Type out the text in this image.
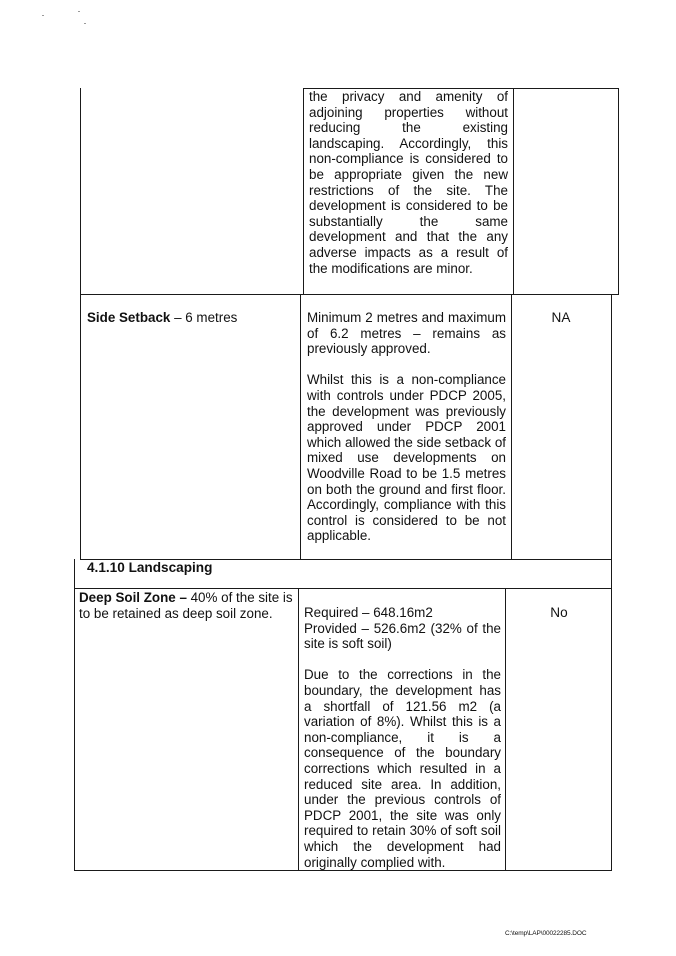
the privacy and amenity of adjoining properties without reducing the existing landscaping. Accordingly, this non-compliance is considered to be appropriate given the new restrictions of the site. The development is considered to be substantially the same development and that the any adverse impacts as a result of the modifications are minor.

Side Setback – 6 metres	Minimum 2 metres and maximum of 6.2 metres – remains as previously approved.

Whilst this is a non-compliance with controls under PDCP 2005, the development was previously approved under PDCP 2001 which allowed the side setback of mixed use developments on Woodville Road to be 1.5 metres on both the ground and first floor. Accordingly, compliance with this control is considered to be not applicable.

NA
4.1.10 Landscaping
Deep Soil Zone – 40% of the site is to be retained as deep soil zone.	Required – 648.16m2
Provided – 526.6m2 (32% of the site is soft soil)

Due to the corrections in the boundary, the development has a shortfall of 121.56 m2 (a variation of 8%). Whilst this is a non-compliance, it is a consequence of the boundary corrections which resulted in a reduced site area. In addition, under the previous controls of PDCP 2001, the site was only required to retain 30% of soft soil which the development had originally complied with.

No
C:\temp\LAP\00022285.DOC
